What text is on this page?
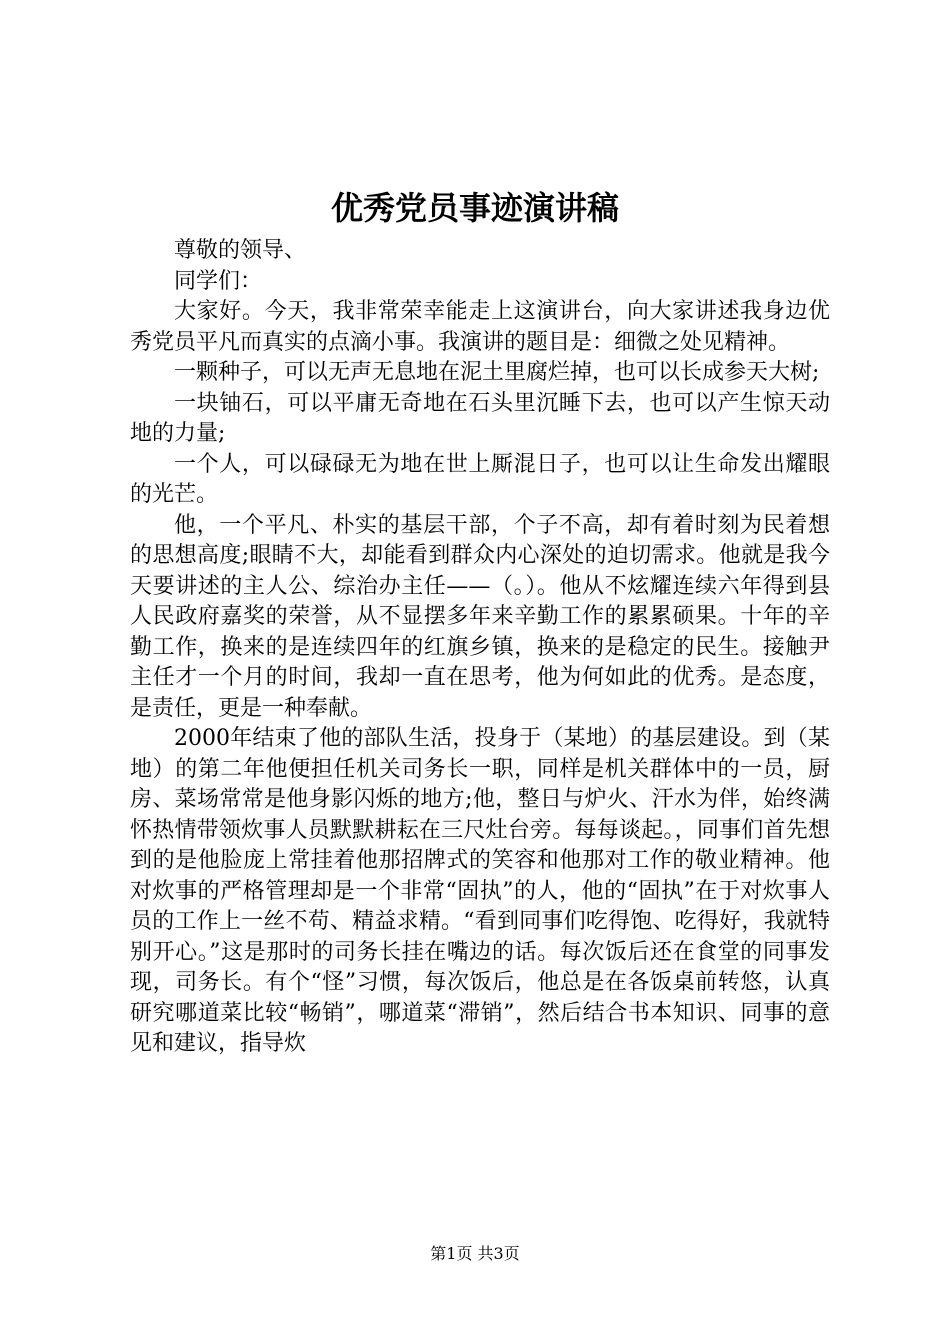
优秀党员事迹演讲稿

尊敬的领导、

同学们：

大家好。今天，我非常荣幸能走上这演讲台，向大家讲述我身边优秀党员平凡而真实的点滴小事。我演讲的题目是：细微之处见精神。

一颗种子，可以无声无息地在泥土里腐烂掉，也可以长成参天大树;

一块铀石，可以平庸无奇地在石头里沉睡下去，也可以产生惊天动地的力量;

一个人，可以碌碌无为地在世上厮混日子，也可以让生命发出耀眼的光芒。

他，一个平凡、朴实的基层干部，个子不高，却有着时刻为民着想的思想高度;眼睛不大，却能看到群众内心深处的迫切需求。他就是我今天要讲述的主人公、综治办主任——（。）。他从不炫耀连续六年得到县人民政府嘉奖的荣誉，从不显摆多年来辛勤工作的累累硕果。十年的辛勤工作，换来的是连续四年的红旗乡镇，换来的是稳定的民生。接触尹主任才一个月的时间，我却一直在思考，他为何如此的优秀。是态度，是责任，更是一种奉献。

2000年结束了他的部队生活，投身于（某地）的基层建设。到（某地）的第二年他便担任机关司务长一职，同样是机关群体中的一员，厨房、菜场常常是他身影闪烁的地方;他，整日与炉火、汗水为伴，始终满怀热情带领炊事人员默默耕耘在三尺灶台旁。每每谈起。，同事们首先想到的是他脸庞上常挂着他那招牌式的笑容和他那对工作的敬业精神。他对炊事的严格管理却是一个非常“固执”的人，他的“固执”在于对炊事人员的工作上一丝不苟、精益求精。“看到同事们吃得饱、吃得好，我就特别开心。”这是那时的司务长挂在嘴边的话。每次饭后还在食堂的同事发现，司务长。有个“怪”习惯，每次饭后，他总是在各饭桌前转悠，认真研究哪道菜比较“畅销”，哪道菜“滞销”，然后结合书本知识、同事的意见和建议，指导炊

第1页 共3页
